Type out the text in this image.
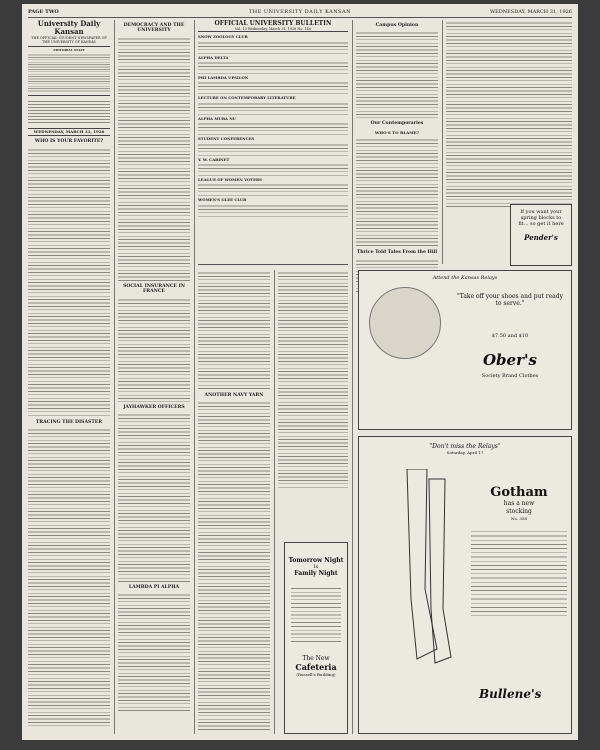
PAGE TWO	THE UNIVERSITY DAILY KANSAN	WEDNESDAY, MARCH 31, 1926
University Daily Kansan
THE OFFICIAL STUDENT NEWSPAPER OF THE UNIVERSITY OF KANSAS
EDITORIAL STAFF
WEDNESDAY, MARCH 31, 1926
WHO IS YOUR FAVORITE?
TRACING THE DISASTER
DEMOCRACY AND THE UNIVERSITY
SOCIAL INSURANCE IN FRANCE
JAYHAWKER OFFICERS
LAMBDA PI ALPHA
OFFICIAL UNIVERSITY BULLETIN
Vol. 13 Wednesday, March 31, 1926 No. 140
SNOW ZOOLOGY CLUB
ALPHA DELTA
PHI LAMBDA UPSILON
LECTURE ON CONTEMPORARY LITERATURE
ALPHA MUBA NU
STUDENT CONFERENCES
Y. W. CABINET
LEAGUE OF WOMEN VOTERS
WOMEN'S GLEE CLUB
ANOTHER NAVY YARN
Tomorrow Night
Is
Family Night
The New
Cafeteria
(Russell's Building)
Campus Opinion
Our Contemporaries
WHO'S TO BLAME?
Thrice Told Tales From the Hill
If you want your spring blocks to fit... so get it here
Pender's
Attend the Kansas Relays
"Take off your shoes and put ready to serve."
$7.50 and $10
Ober's
Society Brand Clothes
"Don't miss the Relays"
Saturday, April 17
Gotham
has a new
stocking
No. 358
Bullene's
